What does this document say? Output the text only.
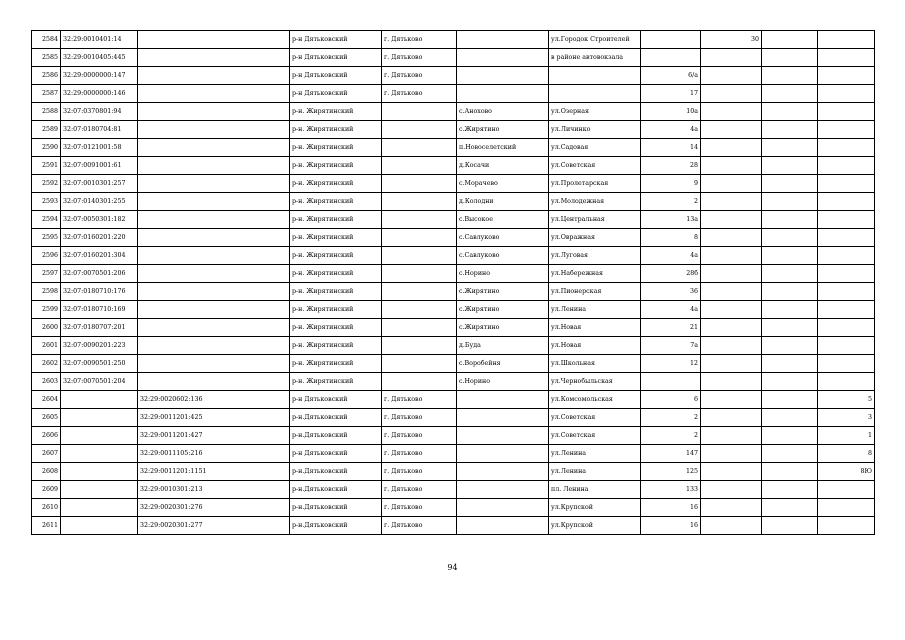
2584	32:29:0010401:14		р-н Дятьковский	г. Дятьково		ул.Городок Строителей		30		
2585	32:29:0010405:445		р-н Дятьковский	г. Дятьково		в районе автовокзала				
2586	32:29:0000000:147		р-н Дятьковский	г. Дятьково			6/а			
2587	32:29:0000000:146		р-н Дятьковский	г. Дятьково			17			
2588	32:07:0370801:94		р-н. Жирятинский		с.Анохово	ул.Озерная	10а			
2589	32:07:0180704:81		р-н. Жирятинский		с.Жирятино	ул.Личинко	4а			
2590	32:07:0121001:58		р-н. Жирятинский		п.Новоселетский	ул.Садовая	14			
2591	32:07:0091001:61		р-н. Жирятинский		д.Косачи	ул.Советская	28			
2592	32:07:0010301:257		р-н. Жирятинский		с.Морачево	ул.Пролетарская	9			
2593	32:07:0140301:255		р-н. Жирятинский		д.Колодни	ул.Молодежная	2			
2594	32:07:0050301:182		р-н. Жирятинский		с.Высокое	ул.Центральная	13а			
2595	32:07:0160201:220		р-н. Жирятинский		с.Савлуково	ул.Овражная	8			
2596	32:07:0160201:304		р-н. Жирятинский		с.Савлуково	ул.Луговая	4а			
2597	32:07:0070501:206		р-н. Жирятинский		с.Норино	ул.Набережная	28б			
2598	32:07:0180710:176		р-н. Жирятинский		с.Жирятино	ул.Пионерская	36			
2599	32:07:0180710:169		р-н. Жирятинский		с.Жирятино	ул.Ленина	4а			
2600	32:07:0180707:201		р-н. Жирятинский		с.Жирятино	ул.Новая	21			
2601	32:07:0090201:223		р-н. Жирятинский		д.Буда	ул.Новая	7а			
2602	32:07:0090501:250		р-н. Жирятинский		с.Воробейня	ул.Школьная	12			
2603	32:07:0070501:204		р-н. Жирятинский		с.Норино	ул.Чернобыльская				
2604		32:29:0020602:136	р-н Дятьковский	г. Дятьково		ул.Комсомольская	6			5
2605		32:29:0011201:425	р-н.Дятьковский	г. Дятьково		ул.Советская	2			3
2606		32:29:0011201:427	р-н.Дятьковский	г. Дятьково		ул.Советская	2			1
2607		32:29:0011105:216	р-н Дятьковский	г. Дятьково		ул.Ленина	147			8
2608		32:29:0011201:1151	р-н.Дятьковский	г. Дятьково		ул.Ленина	125			8Ю
2609		32:29:0010301:213	р-н.Дятьковский	г. Дятьково		пл. Ленина	133			
2610		32:29:0020301:276	р-н.Дятьковский	г. Дятьково		ул.Крупской	16			
2611		32:29:0020301:277	р-н.Дятьковский	г. Дятьково		ул.Крупской	16			
94
